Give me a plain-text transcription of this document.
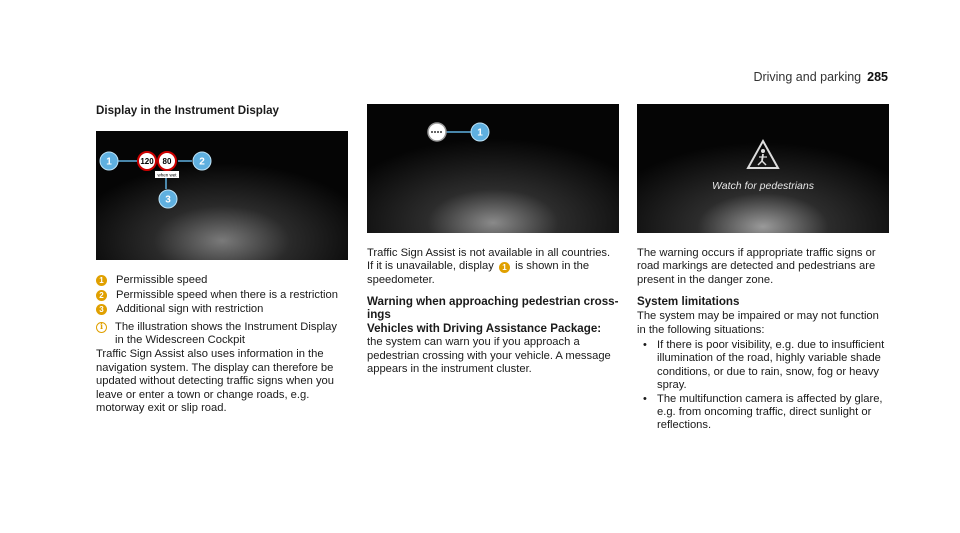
Driving and parking 285
Display in the Instrument Display
1	120 80
when wet
2
3
1 Permissible speed
2 Permissible speed when there is a restriction
3 Additional sign with restriction
i	The illustration shows the Instrument Display in the Widescreen Cockpit

Traffic Sign Assist also uses information in the navigation system. The display can therefore be updated without detecting traffic signs when you leave or enter a town or change roads, e.g. motorway exit or slip road.

1

Traffic Sign Assist is not available in all countries. If it is unavailable, display 1 is shown in the speedometer.

Warning when approaching pedestrian crossings
Vehicles with Driving Assistance Package:

the system can warn you if you approach a pedestrian crossing with your vehicle. A message appears in the instrument cluster.

Watch for pedestrians

The warning occurs if appropriate traffic signs or road markings are detected and pedestrians are present in the danger zone.

System limitations

The system may be impaired or may not function in the following situations:

• If there is poor visibility, e.g. due to insufficient illumination of the road, highly variable shade conditions, or due to rain, snow, fog or heavy spray.
• The multifunction camera is affected by glare, e.g. from oncoming traffic, direct sunlight or reflections.
